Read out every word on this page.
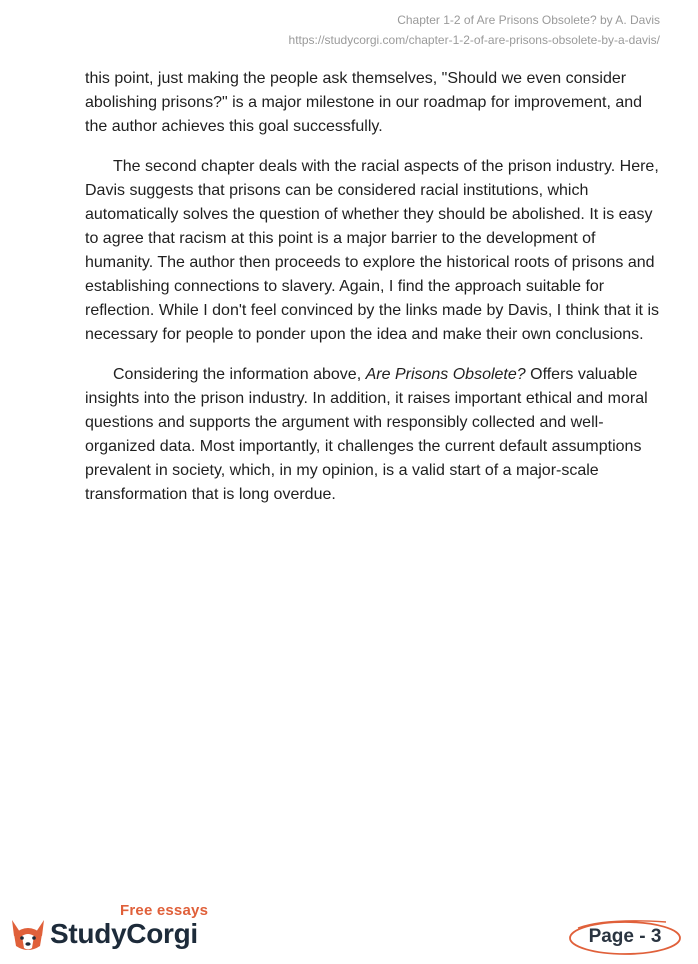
Chapter 1-2 of Are Prisons Obsolete? by A. Davis
https://studycorgi.com/chapter-1-2-of-are-prisons-obsolete-by-a-davis/

this point, just making the people ask themselves, "Should we even consider abolishing prisons?" is a major milestone in our roadmap for improvement, and the author achieves this goal successfully.

The second chapter deals with the racial aspects of the prison industry. Here, Davis suggests that prisons can be considered racial institutions, which automatically solves the question of whether they should be abolished. It is easy to agree that racism at this point is a major barrier to the development of humanity. The author then proceeds to explore the historical roots of prisons and establishing connections to slavery. Again, I find the approach suitable for reflection. While I don't feel convinced by the links made by Davis, I think that it is necessary for people to ponder upon the idea and make their own conclusions.

Considering the information above, Are Prisons Obsolete? Offers valuable insights into the prison industry. In addition, it raises important ethical and moral questions and supports the argument with responsibly collected and well-organized data. Most importantly, it challenges the current default assumptions prevalent in society, which, in my opinion, is a valid start of a major-scale transformation that is long overdue.

Free essays
StudyCorgi	Page - 3
